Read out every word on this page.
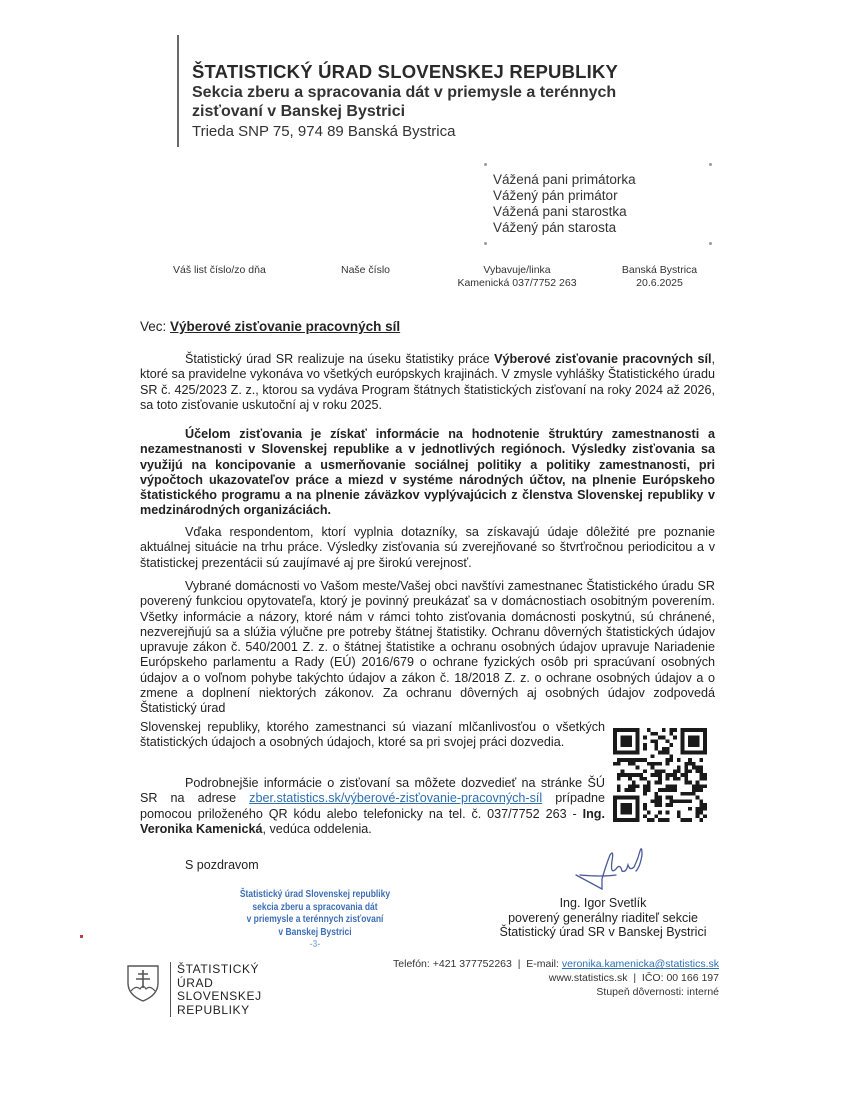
ŠTATISTICKÝ ÚRAD SLOVENSKEJ REPUBLIKY
Sekcia zberu a spracovania dát v priemysle a terénnych
zisťovaní v Banskej Bystrici
Trieda SNP 75, 974 89 Banská Bystrica
Vážená pani primátorka
Vážený pán primátor
Vážená pani starostka
Vážený pán starosta
Váš list číslo/zo dňa	Naše číslo	Vybavuje/linka
Kamenická 037/7752 263
Banská Bystrica
20.6.2025
Vec: Výberové zisťovanie pracovných síl

Štatistický úrad SR realizuje na úseku štatistiky práce Výberové zisťovanie pracovných síl, ktoré sa pravidelne vykonáva vo všetkých európskych krajinách. V zmysle vyhlášky Štatistického úradu SR č. 425/2023 Z. z., ktorou sa vydáva Program štátnych štatistických zisťovaní na roky 2024 až 2026, sa toto zisťovanie uskutoční aj v roku 2025.

Účelom zisťovania je získať informácie na hodnotenie štruktúry zamestnanosti a nezamestnanosti v Slovenskej republike a v jednotlivých regiónoch. Výsledky zisťovania sa využijú na koncipovanie a usmerňovanie sociálnej politiky a politiky zamestnanosti, pri výpočtoch ukazovateľov práce a miezd v systéme národných účtov, na plnenie Európskeho štatistického programu a na plnenie záväzkov vyplývajúcich z členstva Slovenskej republiky v medzinárodných organizáciách.

Vďaka respondentom, ktorí vyplnia dotazníky, sa získavajú údaje dôležité pre poznanie aktuálnej situácie na trhu práce. Výsledky zisťovania sú zverejňované so štvrťročnou periodicitou a v štatistickej prezentácii sú zaujímavé aj pre širokú verejnosť.

Vybrané domácnosti vo Vašom meste/Vašej obci navštívi zamestnanec Štatistického úradu SR poverený funkciou opytovateľa, ktorý je povinný preukázať sa v domácnostiach osobitným poverením. Všetky informácie a názory, ktoré nám v rámci tohto zisťovania domácnosti poskytnú, sú chránené, nezverejňujú sa a slúžia výlučne pre potreby štátnej štatistiky. Ochranu dôverných štatistických údajov upravuje zákon č. 540/2001 Z. z. o štátnej štatistike a ochranu osobných údajov upravuje Nariadenie Európskeho parlamentu a Rady (EÚ) 2016/679 o ochrane fyzických osôb pri spracúvaní osobných údajov a o voľnom pohybe takýchto údajov a zákon č. 18/2018 Z. z. o ochrane osobných údajov a o zmene a doplnení niektorých zákonov. Za ochranu dôverných aj osobných údajov zodpovedá Štatistický úrad

Slovenskej republiky, ktorého zamestnanci sú viazaní mlčanlivosťou o všetkých štatistických údajoch a osobných údajoch, ktoré sa pri svojej práci dozvedia.

Podrobnejšie informácie o zisťovaní sa môžete dozvedieť na stránke ŠÚ SR na adrese zber.statistics.sk/výberové-zisťovanie-pracovných-síl prípadne pomocou priloženého QR kódu alebo telefonicky na tel. č. 037/7752 263 - Ing. Veronika Kamenická, vedúca oddelenia.

S pozdravom
Štatistický úrad Slovenskej republiky
sekcia zberu a spracovania dát
v priemysle a terénnych zisťovaní
v Banskej Bystrici
-3-
Ing. Igor Svetlík
poverený generálny riaditeľ sekcie
Štatistický úrad SR v Banskej Bystrici
ŠTATISTICKÝ
ÚRAD
SLOVENSKEJ
REPUBLIKY
Telefón: +421 377752263  |  E-mail: veronika.kamenicka@statistics.sk
www.statistics.sk  |  IČO: 00 166 197
Stupeň dôvernosti: interné
